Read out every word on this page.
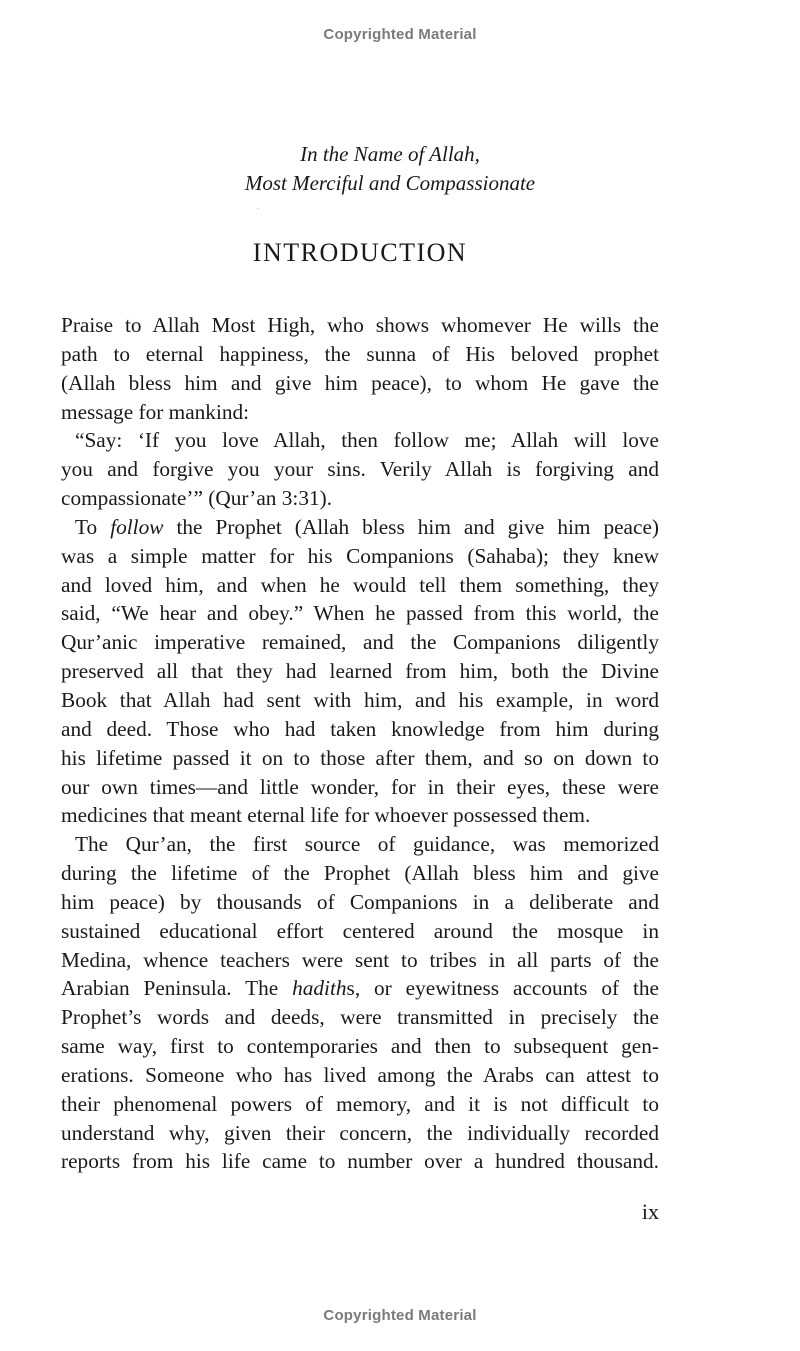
Copyrighted Material
In the Name of Allah,
Most Merciful and Compassionate
INTRODUCTION
Praise to Allah Most High, who shows whomever He wills the
path to eternal happiness, the sunna of His beloved prophet
(Allah bless him and give him peace), to whom He gave the
message for mankind:
“Say: ‘If you love Allah, then follow me; Allah will love
you and forgive you your sins. Verily Allah is forgiving and
compassionate’” (Qur’an 3:31).
To follow the Prophet (Allah bless him and give him peace)
was a simple matter for his Companions (Sahaba); they knew
and loved him, and when he would tell them something, they
said, “We hear and obey.” When he passed from this world, the
Qur’anic imperative remained, and the Companions diligently
preserved all that they had learned from him, both the Divine
Book that Allah had sent with him, and his example, in word
and deed. Those who had taken knowledge from him during
his lifetime passed it on to those after them, and so on down to
our own times—and little wonder, for in their eyes, these were
medicines that meant eternal life for whoever possessed them.
The Qur’an, the first source of guidance, was memorized
during the lifetime of the Prophet (Allah bless him and give
him peace) by thousands of Companions in a deliberate and
sustained educational effort centered around the mosque in
Medina, whence teachers were sent to tribes in all parts of the
Arabian Peninsula. The hadiths, or eyewitness accounts of the
Prophet’s words and deeds, were transmitted in precisely the
same way, first to contemporaries and then to subsequent gen-
erations. Someone who has lived among the Arabs can attest to
their phenomenal powers of memory, and it is not difficult to
understand why, given their concern, the individually recorded
reports from his life came to number over a hundred thousand.
ix
Copyrighted Material
